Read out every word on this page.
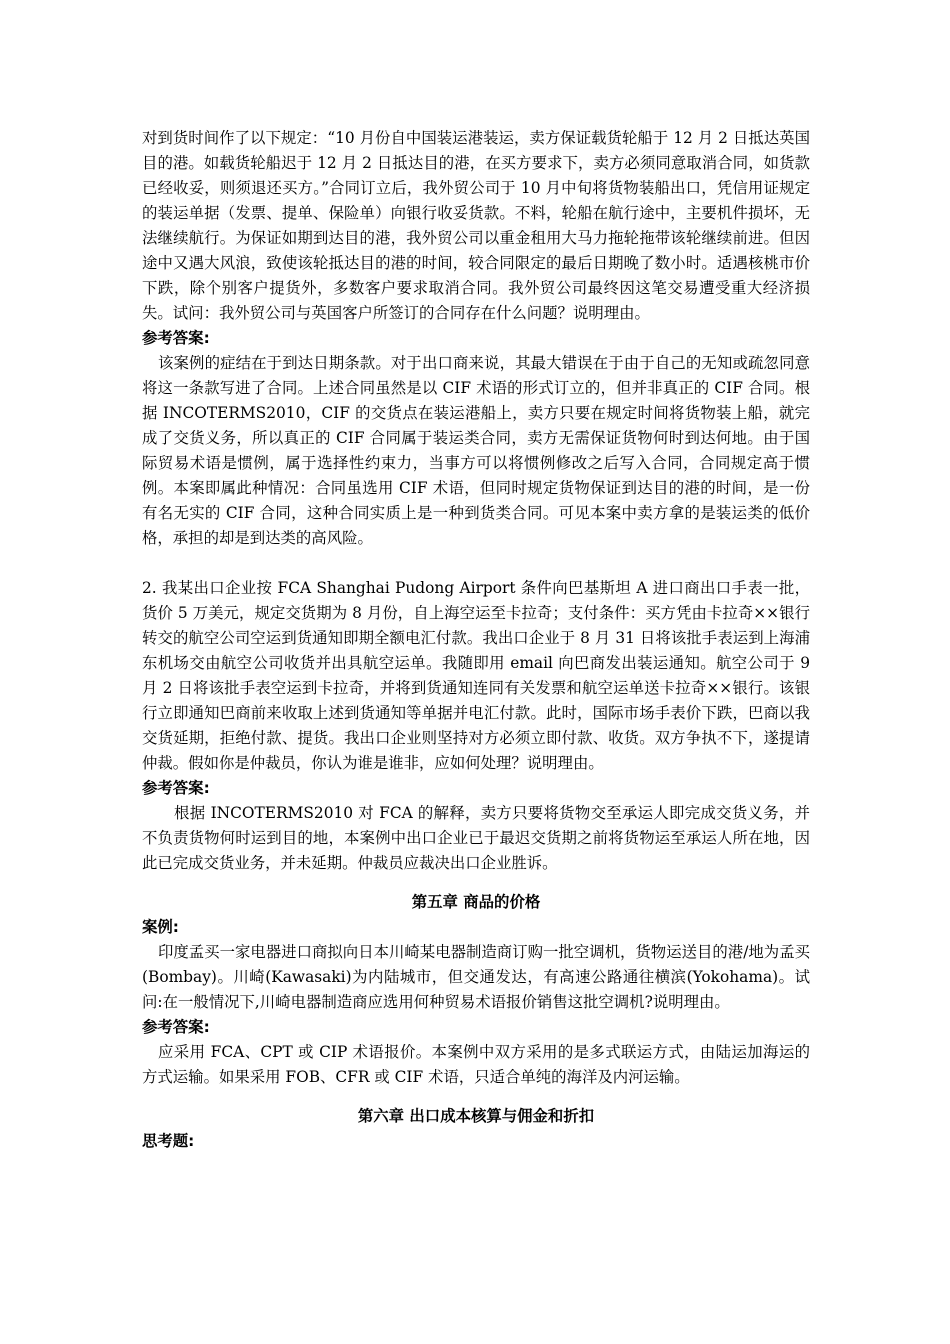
对到货时间作了以下规定：“10 月份自中国装运港装运，卖方保证载货轮船于 12 月 2 日抵达英国目的港。如载货轮船迟于 12 月 2 日抵达目的港，在买方要求下，卖方必须同意取消合同，如货款已经收妥，则须退还买方。”合同订立后，我外贸公司于 10 月中旬将货物装船出口，凭信用证规定的装运单据（发票、提单、保险单）向银行收妥货款。不料，轮船在航行途中，主要机件损坏，无法继续航行。为保证如期到达目的港，我外贸公司以重金租用大马力拖轮拖带该轮继续前进。但因途中又遇大风浪，致使该轮抵达目的港的时间，较合同限定的最后日期晚了数小时。适遇核桃市价下跌，除个别客户提货外，多数客户要求取消合同。我外贸公司最终因这笔交易遭受重大经济损失。试问：我外贸公司与英国客户所签订的合同存在什么问题？说明理由。

参考答案:

该案例的症结在于到达日期条款。对于出口商来说，其最大错误在于由于自己的无知或疏忽同意将这一条款写进了合同。上述合同虽然是以 CIF 术语的形式订立的，但并非真正的 CIF 合同。根据 INCOTERMS2010，CIF 的交货点在装运港船上，卖方只要在规定时间将货物装上船，就完成了交货义务，所以真正的 CIF 合同属于装运类合同，卖方无需保证货物何时到达何地。由于国际贸易术语是惯例，属于选择性约束力，当事方可以将惯例修改之后写入合同，合同规定高于惯例。本案即属此种情况：合同虽选用 CIF 术语，但同时规定货物保证到达目的港的时间，是一份有名无实的 CIF 合同，这种合同实质上是一种到货类合同。可见本案中卖方拿的是装运类的低价格，承担的却是到达类的高风险。

2. 我某出口企业按 FCA Shanghai Pudong Airport 条件向巴基斯坦 A 进口商出口手表一批，货价 5 万美元，规定交货期为 8 月份，自上海空运至卡拉奇；支付条件：买方凭由卡拉奇××银行转交的航空公司空运到货通知即期全额电汇付款。我出口企业于 8 月 31 日将该批手表运到上海浦东机场交由航空公司收货并出具航空运单。我随即用 email 向巴商发出装运通知。航空公司于 9 月 2 日将该批手表空运到卡拉奇，并将到货通知连同有关发票和航空运单送卡拉奇××银行。该银行立即通知巴商前来收取上述到货通知等单据并电汇付款。此时，国际市场手表价下跌，巴商以我交货延期，拒绝付款、提货。我出口企业则坚持对方必须立即付款、收货。双方争执不下，遂提请仲裁。假如你是仲裁员，你认为谁是谁非，应如何处理？说明理由。

参考答案:

根据 INCOTERMS2010 对 FCA 的解释，卖方只要将货物交至承运人即完成交货义务，并不负责货物何时运到目的地，本案例中出口企业已于最迟交货期之前将货物运至承运人所在地，因此已完成交货业务，并未延期。仲裁员应裁决出口企业胜诉。

第五章 商品的价格

案例:

印度孟买一家电器进口商拟向日本川崎某电器制造商订购一批空调机，货物运送目的港/地为孟买(Bombay)。川崎(Kawasaki)为内陆城市，但交通发达，有高速公路通往横滨(Yokohama)。试问:在一般情况下,川崎电器制造商应选用何种贸易术语报价销售这批空调机?说明理由。

参考答案:

应采用 FCA、CPT 或 CIP 术语报价。本案例中双方采用的是多式联运方式，由陆运加海运的方式运输。如果采用 FOB、CFR 或 CIF 术语，只适合单纯的海洋及内河运输。

第六章 出口成本核算与佣金和折扣

思考题:
